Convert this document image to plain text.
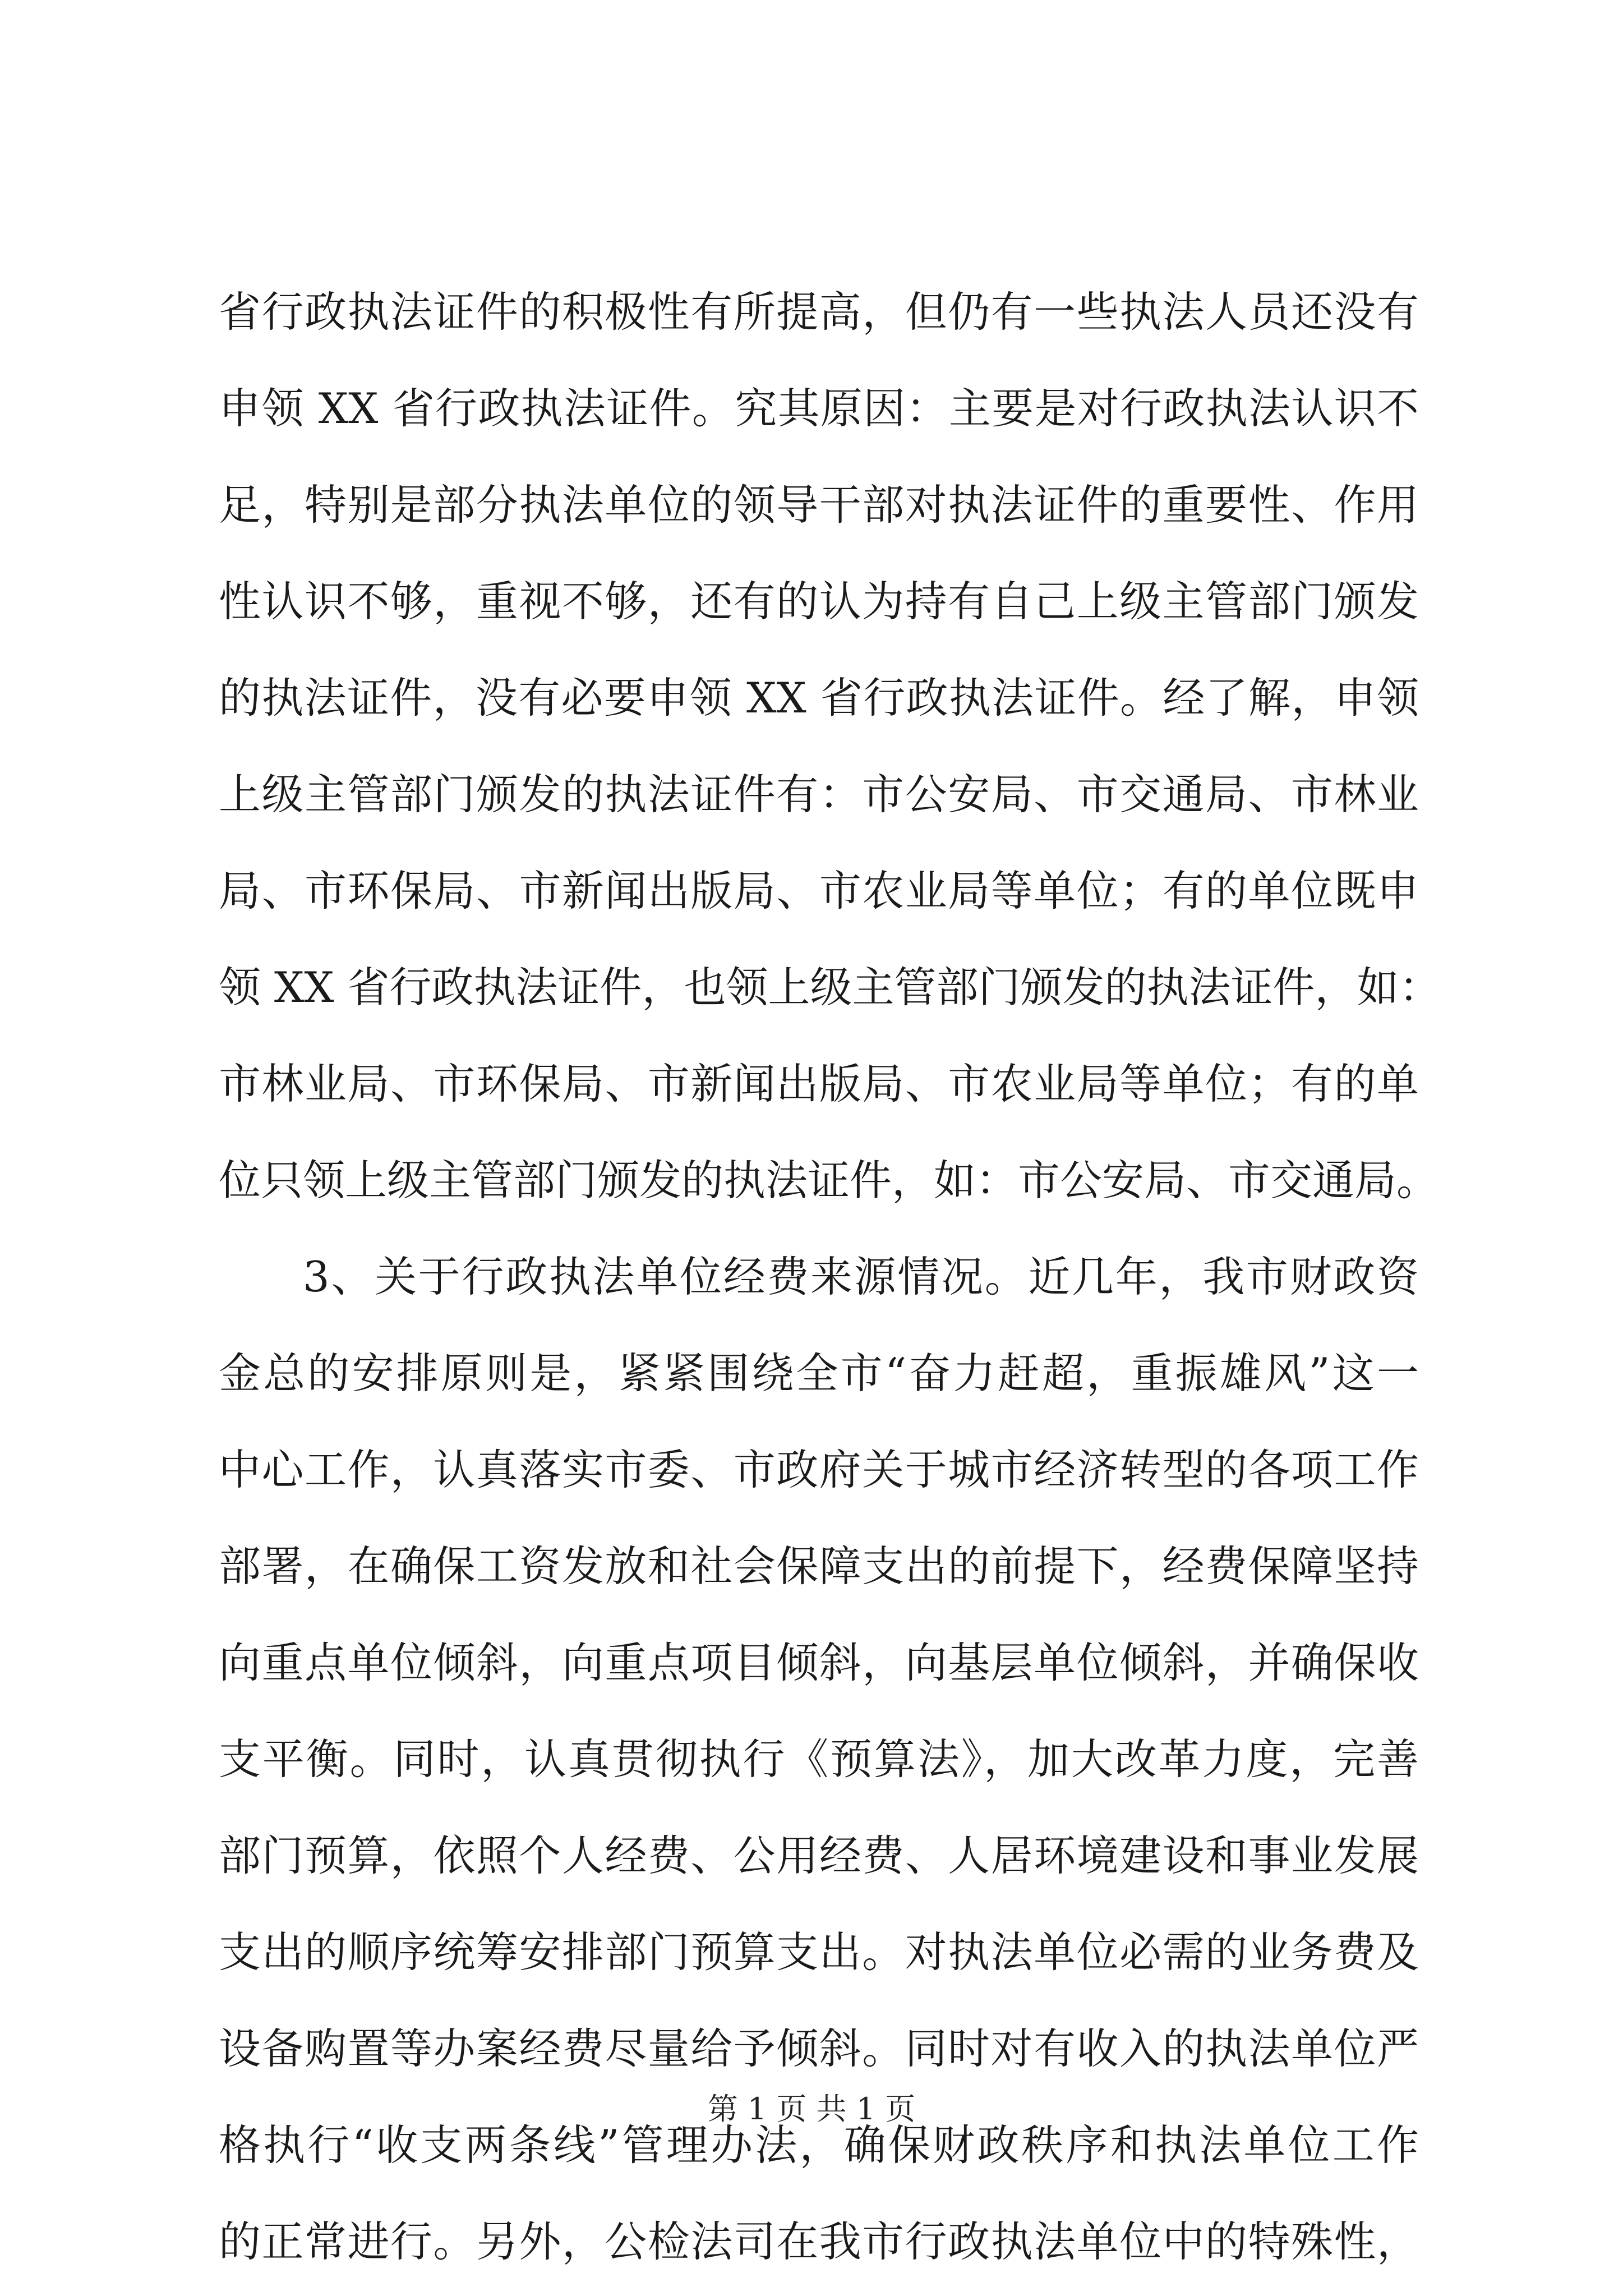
省行政执法证件的积极性有所提高，但仍有一些执法人员还没有
申领 XX 省行政执法证件。究其原因：主要是对行政执法认识不
足，特别是部分执法单位的领导干部对执法证件的重要性、作用
性认识不够，重视不够，还有的认为持有自己上级主管部门颁发
的执法证件，没有必要申领 XX 省行政执法证件。经了解，申领
上级主管部门颁发的执法证件有：市公安局、市交通局、市林业
局、市环保局、市新闻出版局、市农业局等单位；有的单位既申
领 XX 省行政执法证件，也领上级主管部门颁发的执法证件，如：
市林业局、市环保局、市新闻出版局、市农业局等单位；有的单
位只领上级主管部门颁发的执法证件，如：市公安局、市交通局。
3、关于行政执法单位经费来源情况。近几年，我市财政资
金总的安排原则是，紧紧围绕全市“奋力赶超，重振雄风”这一
中心工作，认真落实市委、市政府关于城市经济转型的各项工作
部署，在确保工资发放和社会保障支出的前提下，经费保障坚持
向重点单位倾斜，向重点项目倾斜，向基层单位倾斜，并确保收
支平衡。同时，认真贯彻执行《预算法》，加大改革力度，完善
部门预算，依照个人经费、公用经费、人居环境建设和事业发展
支出的顺序统筹安排部门预算支出。对执法单位必需的业务费及
设备购置等办案经费尽量给予倾斜。同时对有收入的执法单位严
格执行“收支两条线”管理办法，确保财政秩序和执法单位工作
的正常进行。另外，公检法司在我市行政执法单位中的特殊性，
第 1 页 共 1 页
